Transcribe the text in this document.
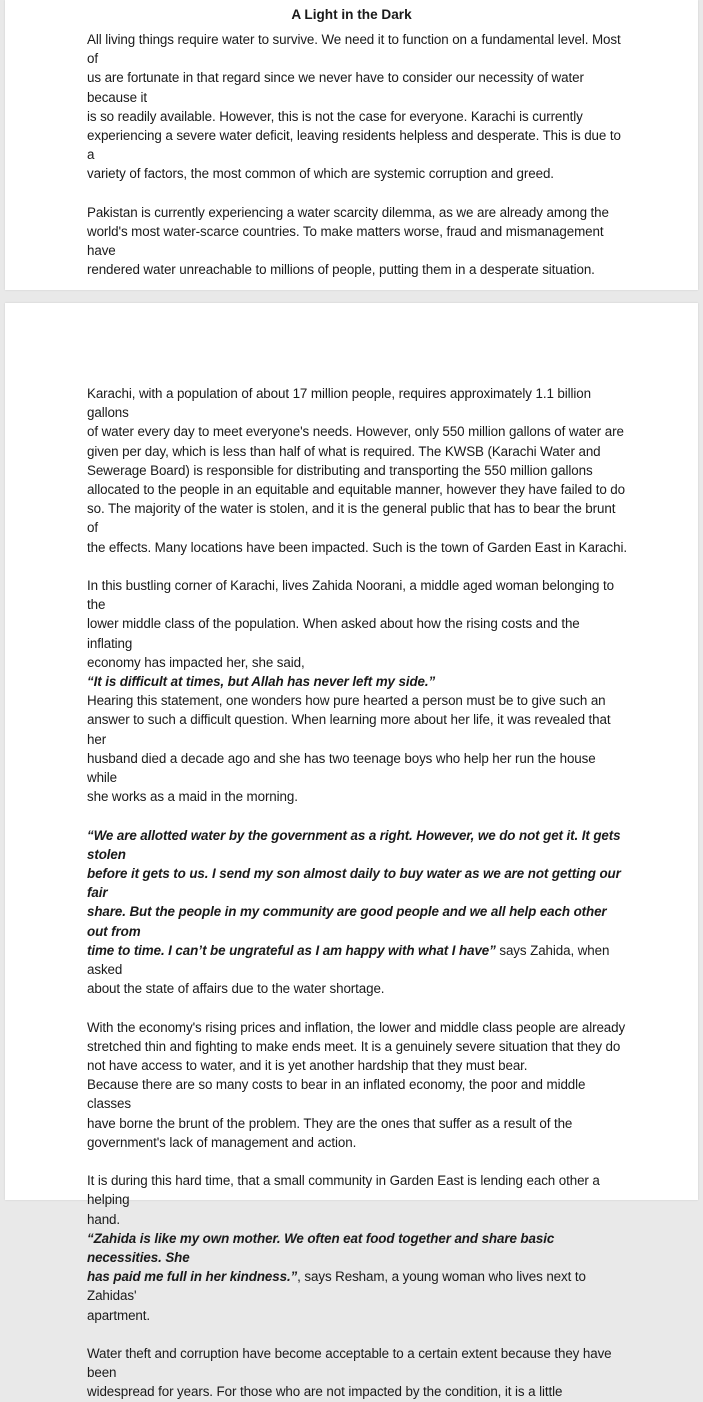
A Light in the Dark

All living things require water to survive. We need it to function on a fundamental level. Most of
us are fortunate in that regard since we never have to consider our necessity of water because it
is so readily available. However, this is not the case for everyone. Karachi is currently
experiencing a severe water deficit, leaving residents helpless and desperate. This is due to a
variety of factors, the most common of which are systemic corruption and greed.

Pakistan is currently experiencing a water scarcity dilemma, as we are already among the
world's most water-scarce countries. To make matters worse, fraud and mismanagement have
rendered water unreachable to millions of people, putting them in a desperate situation.

Karachi, with a population of about 17 million people, requires approximately 1.1 billion gallons
of water every day to meet everyone's needs. However, only 550 million gallons of water are
given per day, which is less than half of what is required. The KWSB (Karachi Water and
Sewerage Board) is responsible for distributing and transporting the 550 million gallons
allocated to the people in an equitable and equitable manner, however they have failed to do
so. The majority of the water is stolen, and it is the general public that has to bear the brunt of
the effects. Many locations have been impacted. Such is the town of Garden East in Karachi.

In this bustling corner of Karachi, lives Zahida Noorani, a middle aged woman belonging to the
lower middle class of the population. When asked about how the rising costs and the inflating
economy has impacted her, she said,

“It is difficult at times, but Allah has never left my side.”

Hearing this statement, one wonders how pure hearted a person must be to give such an
answer to such a difficult question. When learning more about her life, it was revealed that her
husband died a decade ago and she has two teenage boys who help her run the house while
she works as a maid in the morning.

“We are allotted water by the government as a right. However, we do not get it. It gets stolen
before it gets to us. I send my son almost daily to buy water as we are not getting our fair
share. But the people in my community are good people and we all help each other out from
time to time. I can’t be ungrateful as I am happy with what I have” says Zahida, when asked
about the state of affairs due to the water shortage.

With the economy's rising prices and inflation, the lower and middle class people are already
stretched thin and fighting to make ends meet. It is a genuinely severe situation that they do
not have access to water, and it is yet another hardship that they must bear.
Because there are so many costs to bear in an inflated economy, the poor and middle classes
have borne the brunt of the problem. They are the ones that suffer as a result of the
government's lack of management and action.

It is during this hard time, that a small community in Garden East is lending each other a helping
hand.

“Zahida is like my own mother. We often eat food together and share basic necessities. She
has paid me full in her kindness.”, says Resham, a young woman who lives next to Zahidas'
apartment.

Water theft and corruption have become acceptable to a certain extent because they have been
widespread for years. For those who are not impacted by the condition, it is a little
